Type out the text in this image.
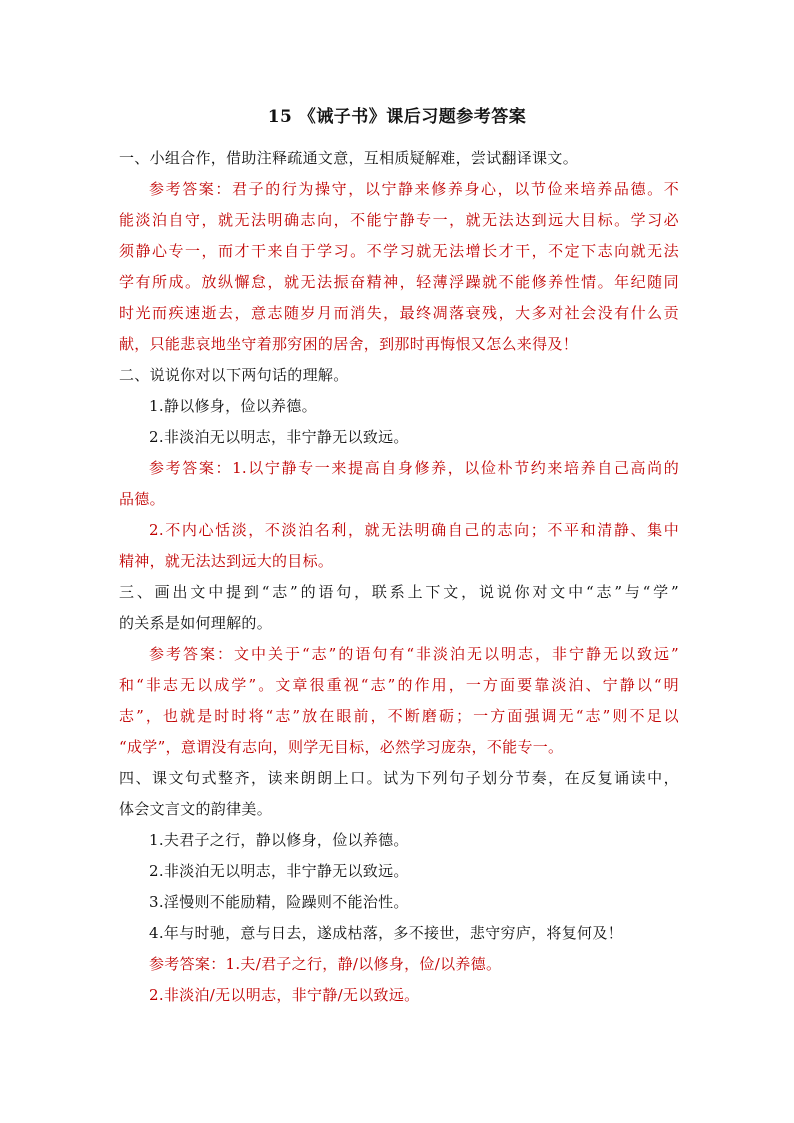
15 《诫子书》课后习题参考答案
一、小组合作，借助注释疏通文意，互相质疑解难，尝试翻译课文。
参考答案：君子的行为操守，以宁静来修养身心，以节俭来培养品德。不
能淡泊自守，就无法明确志向，不能宁静专一，就无法达到远大目标。学习必
须静心专一，而才干来自于学习。不学习就无法增长才干，不定下志向就无法
学有所成。放纵懈怠，就无法振奋精神，轻薄浮躁就不能修养性情。年纪随同
时光而疾速逝去，意志随岁月而消失，最终凋落衰残，大多对社会没有什么贡
献，只能悲哀地坐守着那穷困的居舍，到那时再悔恨又怎么来得及！
二、说说你对以下两句话的理解。
1.静以修身，俭以养德。
2.非淡泊无以明志，非宁静无以致远。
参考答案：1.以宁静专一来提高自身修养，以俭朴节约来培养自己高尚的
品德。
2.不内心恬淡，不淡泊名利，就无法明确自己的志向；不平和清静、集中
精神，就无法达到远大的目标。
三、画出文中提到“志”的语句，联系上下文，说说你对文中“志”与“学”
的关系是如何理解的。
参考答案：文中关于“志”的语句有“非淡泊无以明志，非宁静无以致远”
和“非志无以成学”。文章很重视“志”的作用，一方面要靠淡泊、宁静以“明
志”，也就是时时将“志”放在眼前，不断磨砺；一方面强调无“志”则不足以
“成学”，意谓没有志向，则学无目标，必然学习庞杂，不能专一。
四、课文句式整齐，读来朗朗上口。试为下列句子划分节奏，在反复诵读中，
体会文言文的韵律美。
1.夫君子之行，静以修身，俭以养德。
2.非淡泊无以明志，非宁静无以致远。
3.淫慢则不能励精，险躁则不能治性。
4.年与时驰，意与日去，遂成枯落，多不接世，悲守穷庐，将复何及！
参考答案：1.夫/君子之行，静/以修身，俭/以养德。
2.非淡泊/无以明志，非宁静/无以致远。
